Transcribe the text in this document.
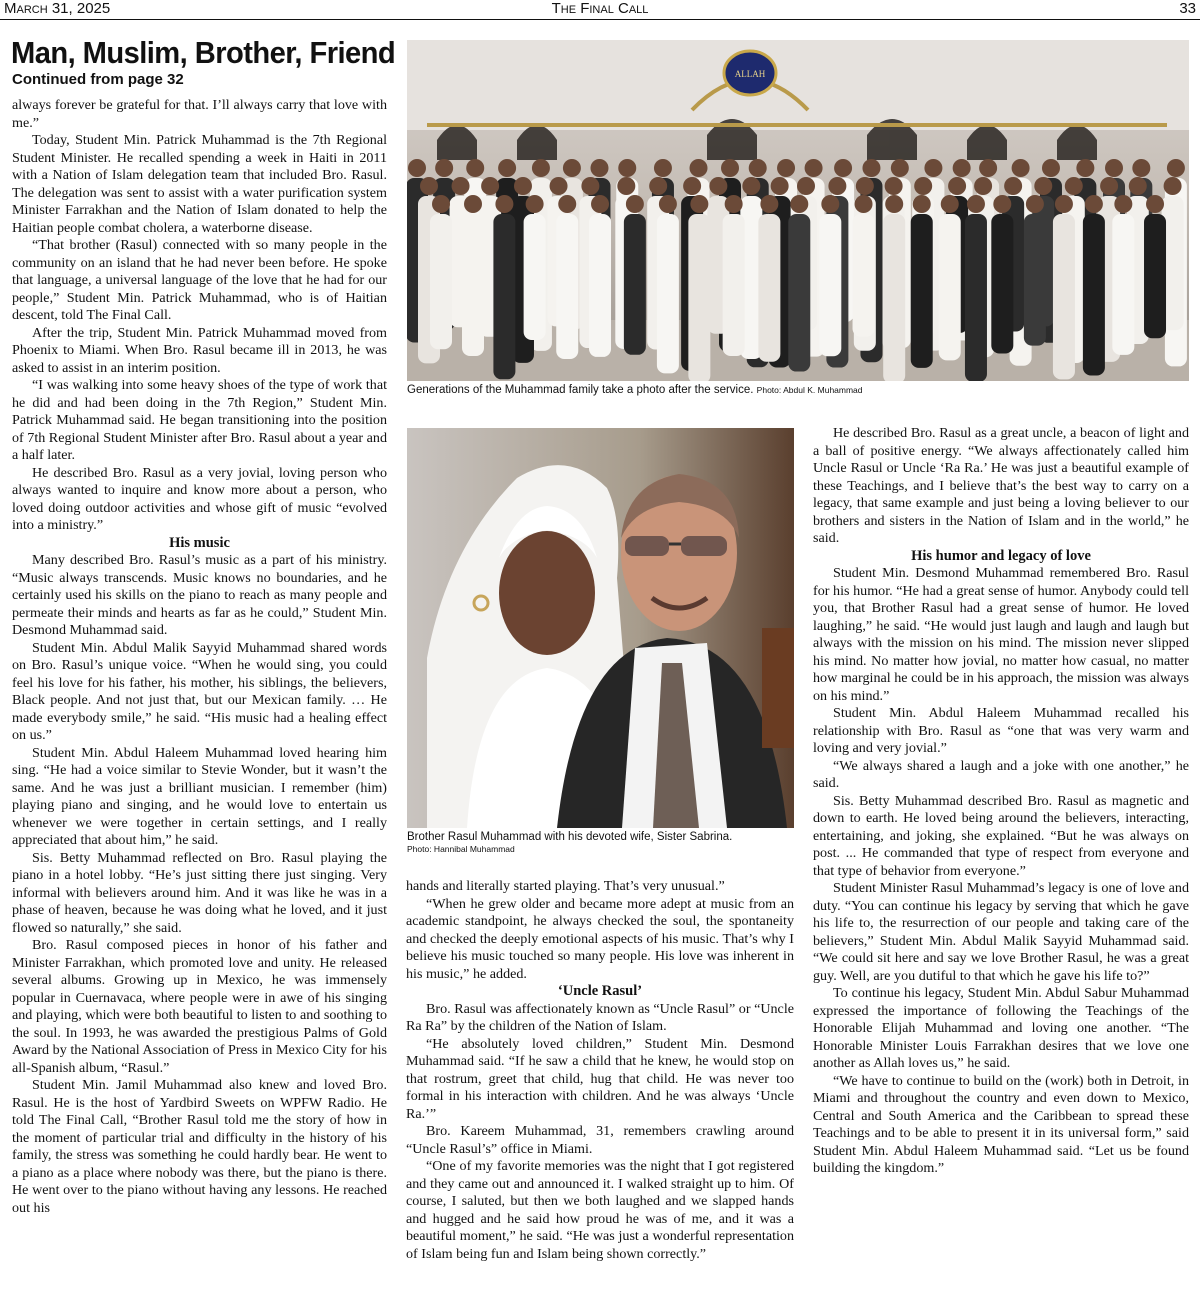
March 31, 2025	The Final Call	33
Man, Muslim, Brother, Friend
Continued from page 32

always forever be grateful for that. I’ll always carry that love with me.”

Today, Student Min. Patrick Muhammad is the 7th Regional Student Minister. He recalled spending a week in Haiti in 2011 with a Nation of Islam delegation team that included Bro. Rasul. The delegation was sent to assist with a water purification system Minister Farrakhan and the Nation of Islam donated to help the Haitian people combat cholera, a waterborne disease.

“That brother (Rasul) connected with so many people in the community on an island that he had never been before. He spoke that language, a universal language of the love that he had for our people,” Student Min. Patrick Muhammad, who is of Haitian descent, told The Final Call.

After the trip, Student Min. Patrick Muhammad moved from Phoenix to Miami. When Bro. Rasul became ill in 2013, he was asked to assist in an interim position.

“I was walking into some heavy shoes of the type of work that he did and had been doing in the 7th Region,” Student Min. Patrick Muhammad said. He began transitioning into the position of 7th Regional Student Minister after Bro. Rasul about a year and a half later.

He described Bro. Rasul as a very jovial, loving person who always wanted to inquire and know more about a person, who loved doing outdoor activities and whose gift of music “evolved into a ministry.”

His music

Many described Bro. Rasul’s music as a part of his ministry. “Music always transcends. Music knows no boundaries, and he certainly used his skills on the piano to reach as many people and permeate their minds and hearts as far as he could,” Student Min. Desmond Muhammad said.

Student Min. Abdul Malik Sayyid Muhammad shared words on Bro. Rasul’s unique voice. “When he would sing, you could feel his love for his father, his mother, his siblings, the believers, Black people. And not just that, but our Mexican family. … He made everybody smile,” he said. “His music had a healing effect on us.”

Student Min. Abdul Haleem Muhammad loved hearing him sing. “He had a voice similar to Stevie Wonder, but it wasn’t the same. And he was just a brilliant musician. I remember (him) playing piano and singing, and he would love to entertain us whenever we were together in certain settings, and I really appreciated that about him,” he said.

Sis. Betty Muhammad reflected on Bro. Rasul playing the piano in a hotel lobby. “He’s just sitting there just singing. Very informal with believers around him. And it was like he was in a phase of heaven, because he was doing what he loved, and it just flowed so naturally,” she said.

Bro. Rasul composed pieces in honor of his father and Minister Farrakhan, which promoted love and unity. He released several albums. Growing up in Mexico, he was immensely popular in Cuernavaca, where people were in awe of his singing and playing, which were both beautiful to listen to and soothing to the soul. In 1993, he was awarded the prestigious Palms of Gold Award by the National Association of Press in Mexico City for his all-Spanish album, “Rasul.”

Student Min. Jamil Muhammad also knew and loved Bro. Rasul. He is the host of Yardbird Sweets on WPFW Radio. He told The Final Call, “Brother Rasul told me the story of how in the moment of particular trial and difficulty in the history of his family, the stress was something he could hardly bear. He went to a piano as a place where nobody was there, but the piano is there. He went over to the piano without having any lessons. He reached out his

ALLAH
Generations of the Muhammad family take a photo after the service. Photo: Abdul K. Muhammad
Brother Rasul Muhammad with his devoted wife, Sister Sabrina.
Photo: Hannibal Muhammad

hands and literally started playing. That’s very unusual.”

“When he grew older and became more adept at music from an academic standpoint, he always checked the soul, the spontaneity and checked the deeply emotional aspects of his music. That’s why I believe his music touched so many people. His love was inherent in his music,” he added.

‘Uncle Rasul’

Bro. Rasul was affectionately known as “Uncle Rasul” or “Uncle Ra Ra” by the children of the Nation of Islam.

“He absolutely loved children,” Student Min. Desmond Muhammad said. “If he saw a child that he knew, he would stop on that rostrum, greet that child, hug that child. He was never too formal in his interaction with children. And he was always ‘Uncle Ra.’”

Bro. Kareem Muhammad, 31, remembers crawling around “Uncle Rasul’s” office in Miami.

“One of my favorite memories was the night that I got registered and they came out and announced it. I walked straight up to him. Of course, I saluted, but then we both laughed and we slapped hands and hugged and he said how proud he was of me, and it was a beautiful moment,” he said. “He was just a wonderful representation of Islam being fun and Islam being shown correctly.”

He described Bro. Rasul as a great uncle, a beacon of light and a ball of positive energy. “We always affectionately called him Uncle Rasul or Uncle ‘Ra Ra.’ He was just a beautiful example of these Teachings, and I believe that’s the best way to carry on a legacy, that same example and just being a loving believer to our brothers and sisters in the Nation of Islam and in the world,” he said.

His humor and legacy of love

Student Min. Desmond Muhammad remembered Bro. Rasul for his humor. “He had a great sense of humor. Anybody could tell you, that Brother Rasul had a great sense of humor. He loved laughing,” he said. “He would just laugh and laugh and laugh but always with the mission on his mind. The mission never slipped his mind. No matter how jovial, no matter how casual, no matter how marginal he could be in his approach, the mission was always on his mind.”

Student Min. Abdul Haleem Muhammad recalled his relationship with Bro. Rasul as “one that was very warm and loving and very jovial.”

“We always shared a laugh and a joke with one another,” he said.

Sis. Betty Muhammad described Bro. Rasul as magnetic and down to earth. He loved being around the believers, interacting, entertaining, and joking, she explained. “But he was always on post. ... He commanded that type of respect from everyone and that type of behavior from everyone.”

Student Minister Rasul Muhammad’s legacy is one of love and duty. “You can continue his legacy by serving that which he gave his life to, the resurrection of our people and taking care of the believers,” Student Min. Abdul Malik Sayyid Muhammad said. “We could sit here and say we love Brother Rasul, he was a great guy. Well, are you dutiful to that which he gave his life to?”

To continue his legacy, Student Min. Abdul Sabur Muhammad expressed the importance of following the Teachings of the Honorable Elijah Muhammad and loving one another. “The Honorable Minister Louis Farrakhan desires that we love one another as Allah loves us,” he said.

“We have to continue to build on the (work) both in Detroit, in Miami and throughout the country and even down to Mexico, Central and South America and the Caribbean to spread these Teachings and to be able to present it in its universal form,” said Student Min. Abdul Haleem Muhammad said. “Let us be found building the kingdom.”
